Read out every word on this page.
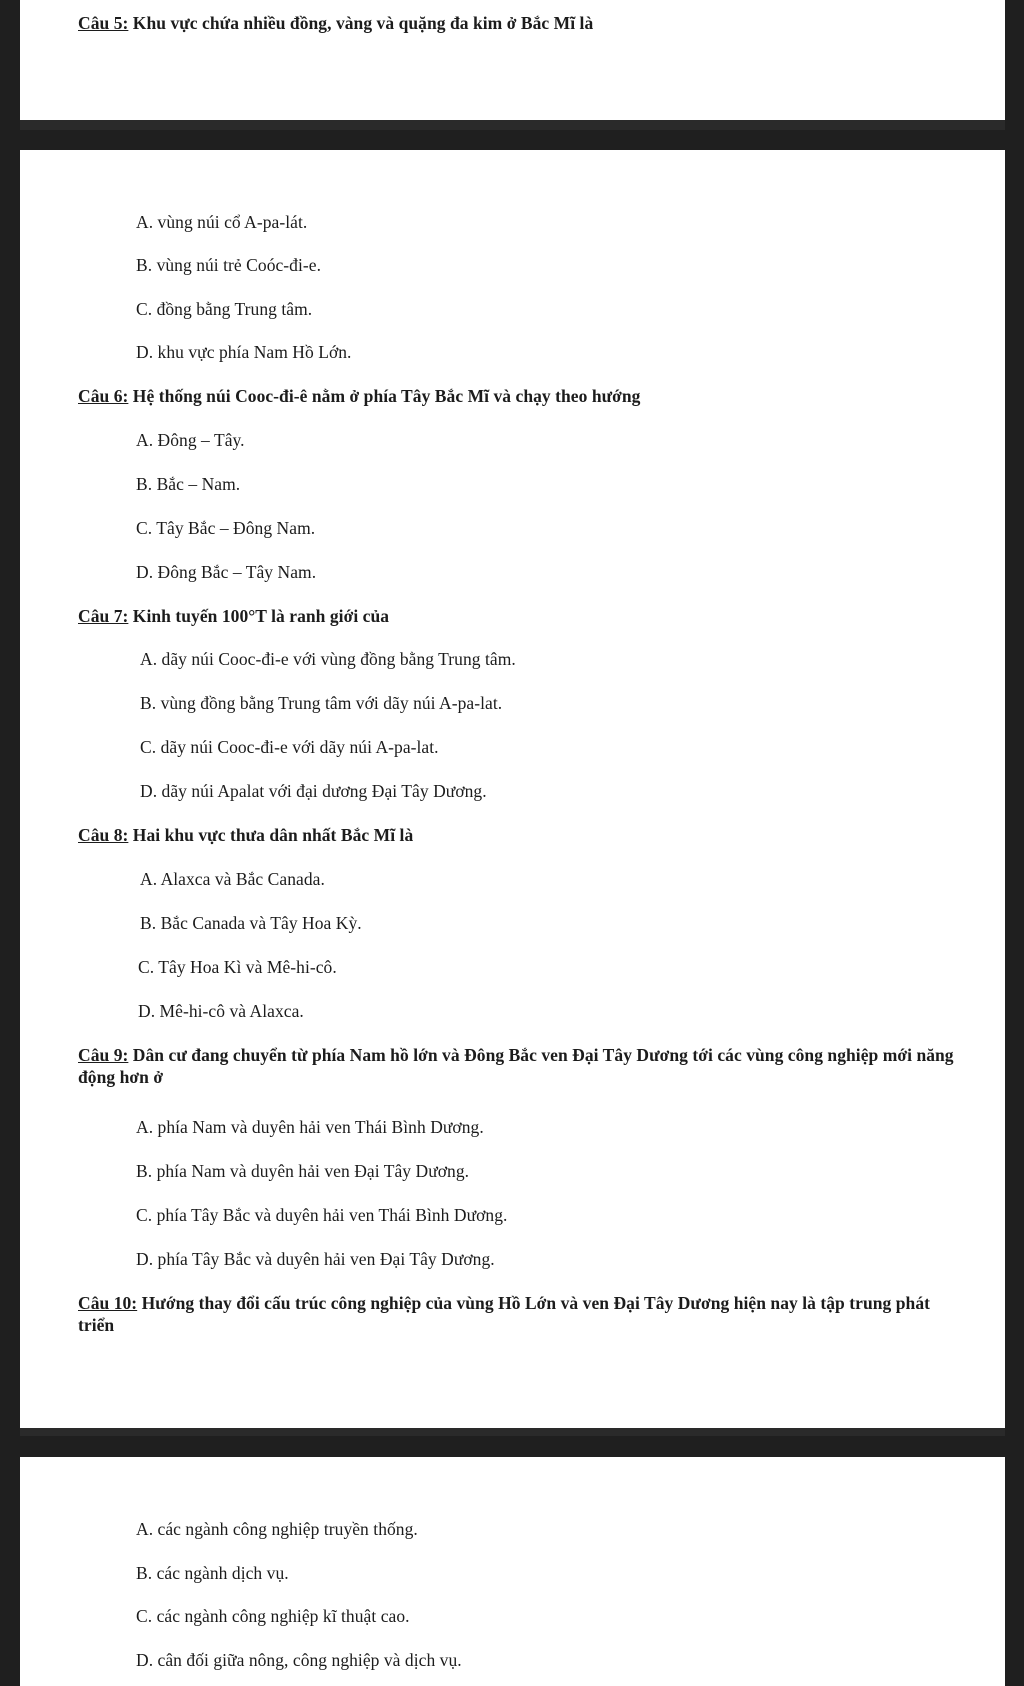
Câu 5: Khu vực chứa nhiều đồng, vàng và quặng đa kim ở Bắc Mĩ là
A. vùng núi cổ A-pa-lát.
B. vùng núi trẻ Coóc-đi-e.
C. đồng bằng Trung tâm.
D. khu vực phía Nam Hồ Lớn.
Câu 6: Hệ thống núi Cooc-đi-ê nằm ở phía Tây Bắc Mĩ và chạy theo hướng
A. Đông – Tây.
B. Bắc – Nam.
C. Tây Bắc – Đông Nam.
D. Đông Bắc – Tây Nam.
Câu 7: Kinh tuyến 100°T là ranh giới của
A. dãy núi Cooc-đi-e với vùng đồng bằng Trung tâm.
B. vùng đồng bằng Trung tâm với dãy núi A-pa-lat.
C. dãy núi Cooc-đi-e với dãy núi A-pa-lat.
D. dãy núi Apalat với đại dương Đại Tây Dương.
Câu 8: Hai khu vực thưa dân nhất Bắc Mĩ là
A. Alaxca và Bắc Canada.
B. Bắc Canada và Tây Hoa Kỳ.
C. Tây Hoa Kì và Mê-hi-cô.
D. Mê-hi-cô và Alaxca.
Câu 9: Dân cư đang chuyển từ phía Nam hồ lớn và Đông Bắc ven Đại Tây Dương tới các vùng công nghiệp mới năng động hơn ở
A. phía Nam và duyên hải ven Thái Bình Dương.
B. phía Nam và duyên hải ven Đại Tây Dương.
C. phía Tây Bắc và duyên hải ven Thái Bình Dương.
D. phía Tây Bắc và duyên hải ven Đại Tây Dương.
Câu 10: Hướng thay đổi cấu trúc công nghiệp của vùng Hồ Lớn và ven Đại Tây Dương hiện nay là tập trung phát triển
A. các ngành công nghiệp truyền thống.
B. các ngành dịch vụ.
C. các ngành công nghiệp kĩ thuật cao.
D. cân đối giữa nông, công nghiệp và dịch vụ.
